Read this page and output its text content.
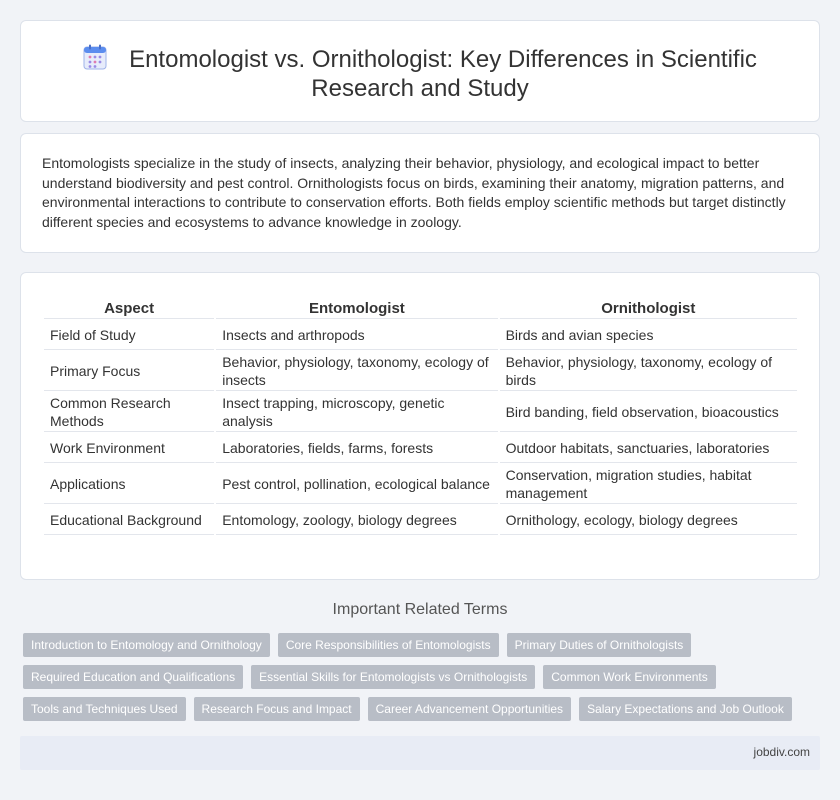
Entomologist vs. Ornithologist: Key Differences in Scientific Research and Study

Entomologists specialize in the study of insects, analyzing their behavior, physiology, and ecological impact to better understand biodiversity and pest control. Ornithologists focus on birds, examining their anatomy, migration patterns, and environmental interactions to contribute to conservation efforts. Both fields employ scientific methods but target distinctly different species and ecosystems to advance knowledge in zoology.

Aspect	Entomologist	Ornithologist
Field of Study	Insects and arthropods	Birds and avian species
Primary Focus	Behavior, physiology, taxonomy, ecology of insects	Behavior, physiology, taxonomy, ecology of birds
Common Research Methods	Insect trapping, microscopy, genetic analysis	Bird banding, field observation, bioacoustics
Work Environment	Laboratories, fields, farms, forests	Outdoor habitats, sanctuaries, laboratories
Applications	Pest control, pollination, ecological balance	Conservation, migration studies, habitat management
Educational Background	Entomology, zoology, biology degrees	Ornithology, ecology, biology degrees
Important Related Terms
Introduction to Entomology and Ornithology	Core Responsibilities of Entomologists	Primary Duties of Ornithologists
Required Education and Qualifications	Essential Skills for Entomologists vs Ornithologists	Common Work Environments
Tools and Techniques Used	Research Focus and Impact	Career Advancement Opportunities	Salary Expectations and Job Outlook
jobdiv.com
